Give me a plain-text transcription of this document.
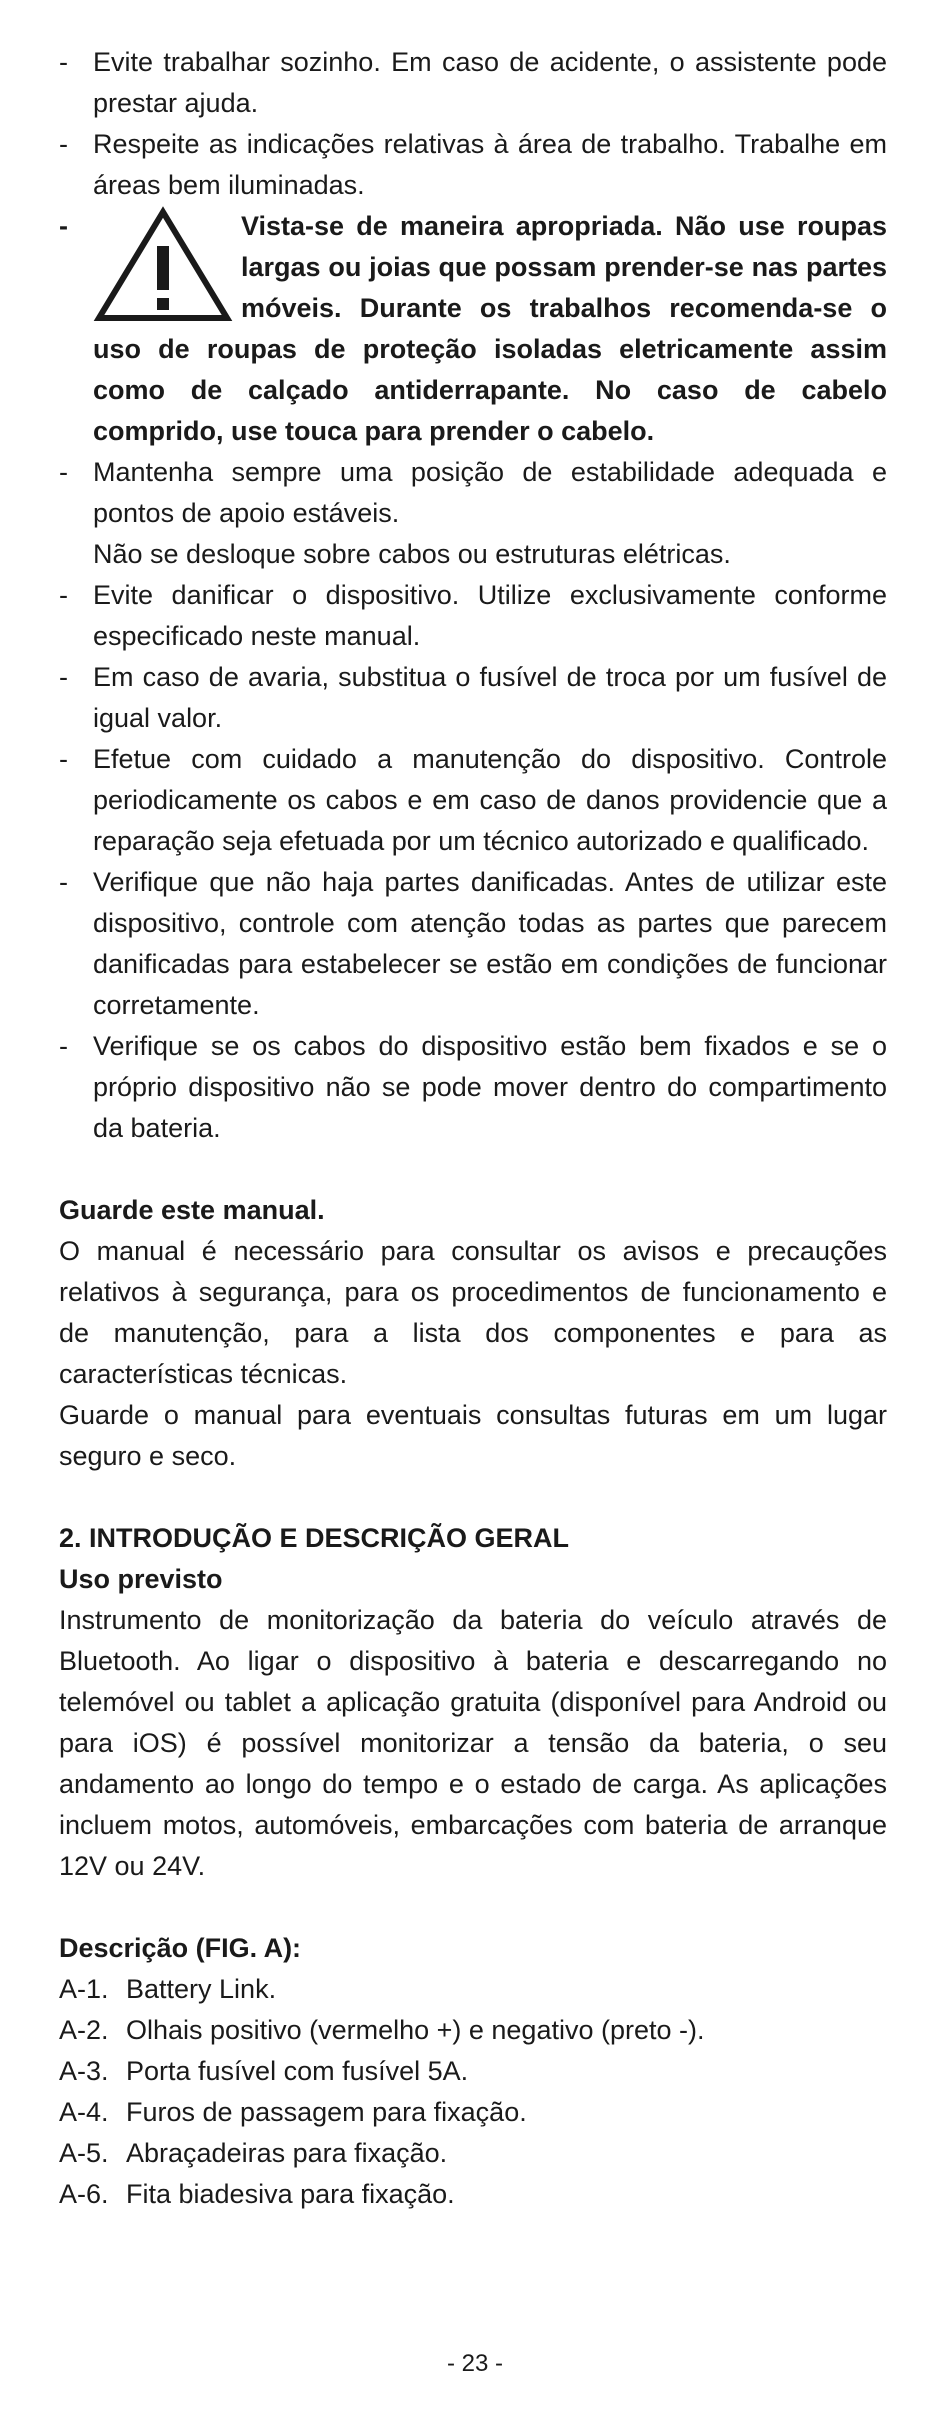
- Evite trabalhar sozinho. Em caso de acidente, o assistente pode prestar ajuda.
- Respeite as indicações relativas à área de trabalho. Trabalhe em áreas bem iluminadas.
-	Vista-se de maneira apropriada. Não use roupas largas ou joias que possam prender-se nas partes móveis. Durante os trabalhos recomenda-se o uso de roupas de proteção isoladas eletricamente assim como de calçado antiderrapante. No caso de cabelo comprido, use touca para prender o cabelo.
- Mantenha sempre uma posição de estabilidade adequada e pontos de apoio estáveis.
Não se desloque sobre cabos ou estruturas elétricas.
- Evite danificar o dispositivo. Utilize exclusivamente conforme especificado neste manual.
- Em caso de avaria, substitua o fusível de troca por um fusível de igual valor.
- Efetue com cuidado a manutenção do dispositivo. Controle periodicamente os cabos e em caso de danos providencie que a reparação seja efetuada por um técnico autorizado e qualificado.
- Verifique que não haja partes danificadas. Antes de utilizar este dispositivo, controle com atenção todas as partes que parecem danificadas para estabelecer se estão em condições de funcionar corretamente.
- Verifique se os cabos do dispositivo estão bem fixados e se o próprio dispositivo não se pode mover dentro do compartimento da bateria.

Guarde este manual.

O manual é necessário para consultar os avisos e precauções relativos à segurança, para os procedimentos de funcionamento e de manutenção, para a lista dos componentes e para as características técnicas.

Guarde o manual para eventuais consultas futuras em um lugar seguro e seco.

2. INTRODUÇÃO E DESCRIÇÃO GERAL

Uso previsto

Instrumento de monitorização da bateria do veículo através de Bluetooth. Ao ligar o dispositivo à bateria e descarregando no telemóvel ou tablet a aplicação gratuita (disponível para Android ou para iOS) é possível monitorizar a tensão da bateria, o seu andamento ao longo do tempo e o estado de carga. As aplicações incluem motos, automóveis, embarcações com bateria de arranque 12V ou 24V.

Descrição (FIG. A):

A-1. Battery Link.
A-2. Olhais positivo (vermelho +) e negativo (preto -).
A-3. Porta fusível com fusível 5A.
A-4. Furos de passagem para fixação.
A-5. Abraçadeiras para fixação.
A-6. Fita biadesiva para fixação.
- 23 -
